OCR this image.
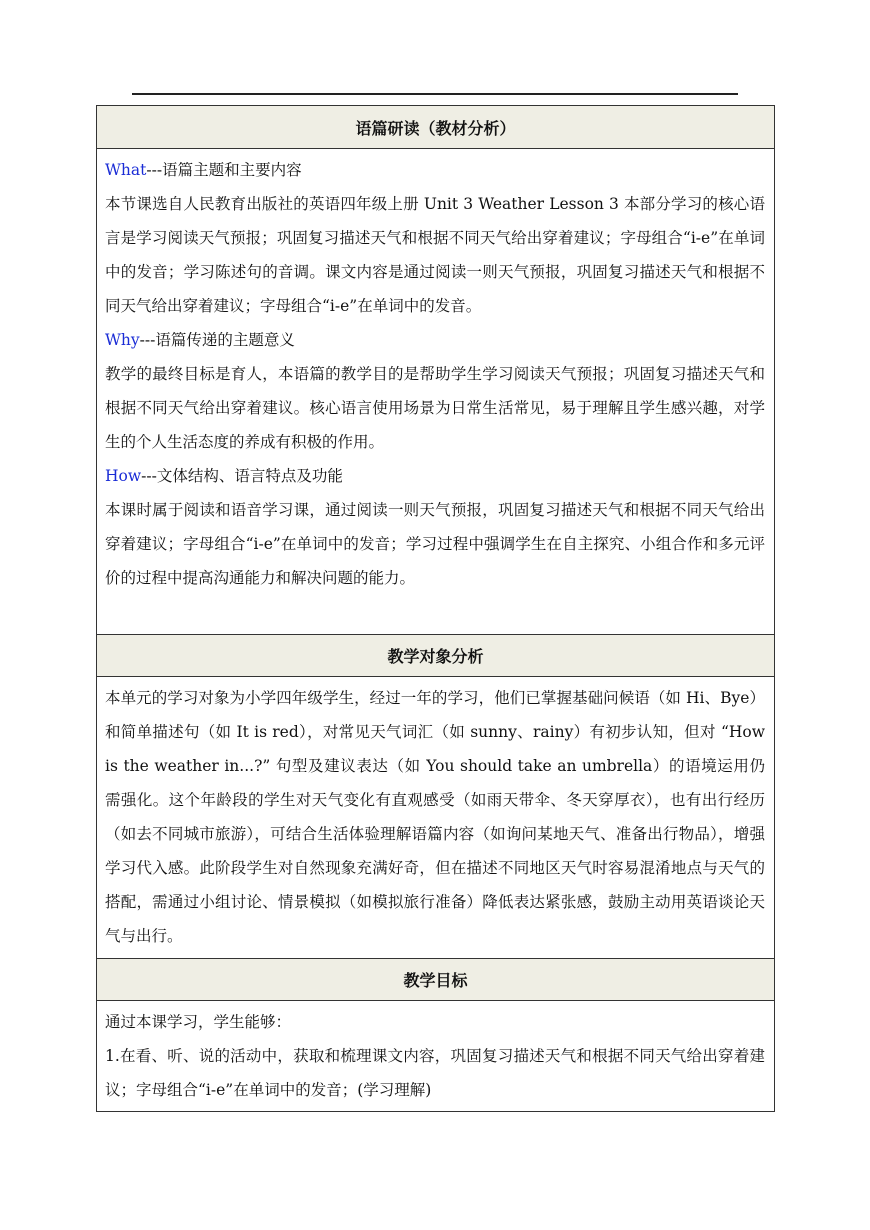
语篇研读（教材分析）

What---语篇主题和主要内容

本节课选自人民教育出版社的英语四年级上册 Unit 3 Weather Lesson 3 本部分学习的核心语言是学习阅读天气预报；巩固复习描述天气和根据不同天气给出穿着建议；字母组合“i-e”在单词中的发音；学习陈述句的音调。课文内容是通过阅读一则天气预报，巩固复习描述天气和根据不同天气给出穿着建议；字母组合“i-e”在单词中的发音。

Why---语篇传递的主题意义

教学的最终目标是育人，本语篇的教学目的是帮助学生学习阅读天气预报；巩固复习描述天气和根据不同天气给出穿着建议。核心语言使用场景为日常生活常见，易于理解且学生感兴趣，对学生的个人生活态度的养成有积极的作用。

How---文体结构、语言特点及功能

本课时属于阅读和语音学习课，通过阅读一则天气预报，巩固复习描述天气和根据不同天气给出穿着建议；字母组合“i-e”在单词中的发音；学习过程中强调学生在自主探究、小组合作和多元评价的过程中提高沟通能力和解决问题的能力。

教学对象分析

本单元的学习对象为小学四年级学生，经过一年的学习，他们已掌握基础问候语（如 Hi、Bye）和简单描述句（如 It is red），对常见天气词汇（如 sunny、rainy）有初步认知，但对 “How is the weather in...?” 句型及建议表达（如 You should take an umbrella）的语境运用仍需强化。这个年龄段的学生对天气变化有直观感受（如雨天带伞、冬天穿厚衣），也有出行经历（如去不同城市旅游），可结合生活体验理解语篇内容（如询问某地天气、准备出行物品），增强学习代入感。此阶段学生对自然现象充满好奇，但在描述不同地区天气时容易混淆地点与天气的搭配，需通过小组讨论、情景模拟（如模拟旅行准备）降低表达紧张感，鼓励主动用英语谈论天气与出行。

教学目标

通过本课学习，学生能够：

1.在看、听、说的活动中，获取和梳理课文内容，巩固复习描述天气和根据不同天气给出穿着建议；字母组合“i-e”在单词中的发音；(学习理解)
